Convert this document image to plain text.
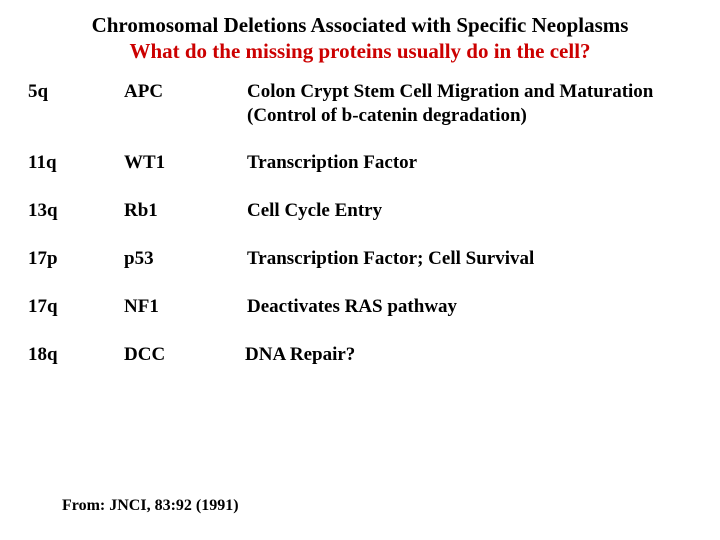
Chromosomal Deletions Associated with Specific Neoplasms
What do the missing proteins usually do in the cell?
5q	APC	Colon Crypt Stem Cell Migration and Maturation
(Control of b-catenin degradation)
11q	WT1	Transcription Factor
13q	Rb1	Cell Cycle Entry
17p	p53	Transcription Factor; Cell Survival
17q	NF1	Deactivates RAS pathway
18q	DCC	DNA Repair?
From: JNCI, 83:92 (1991)
